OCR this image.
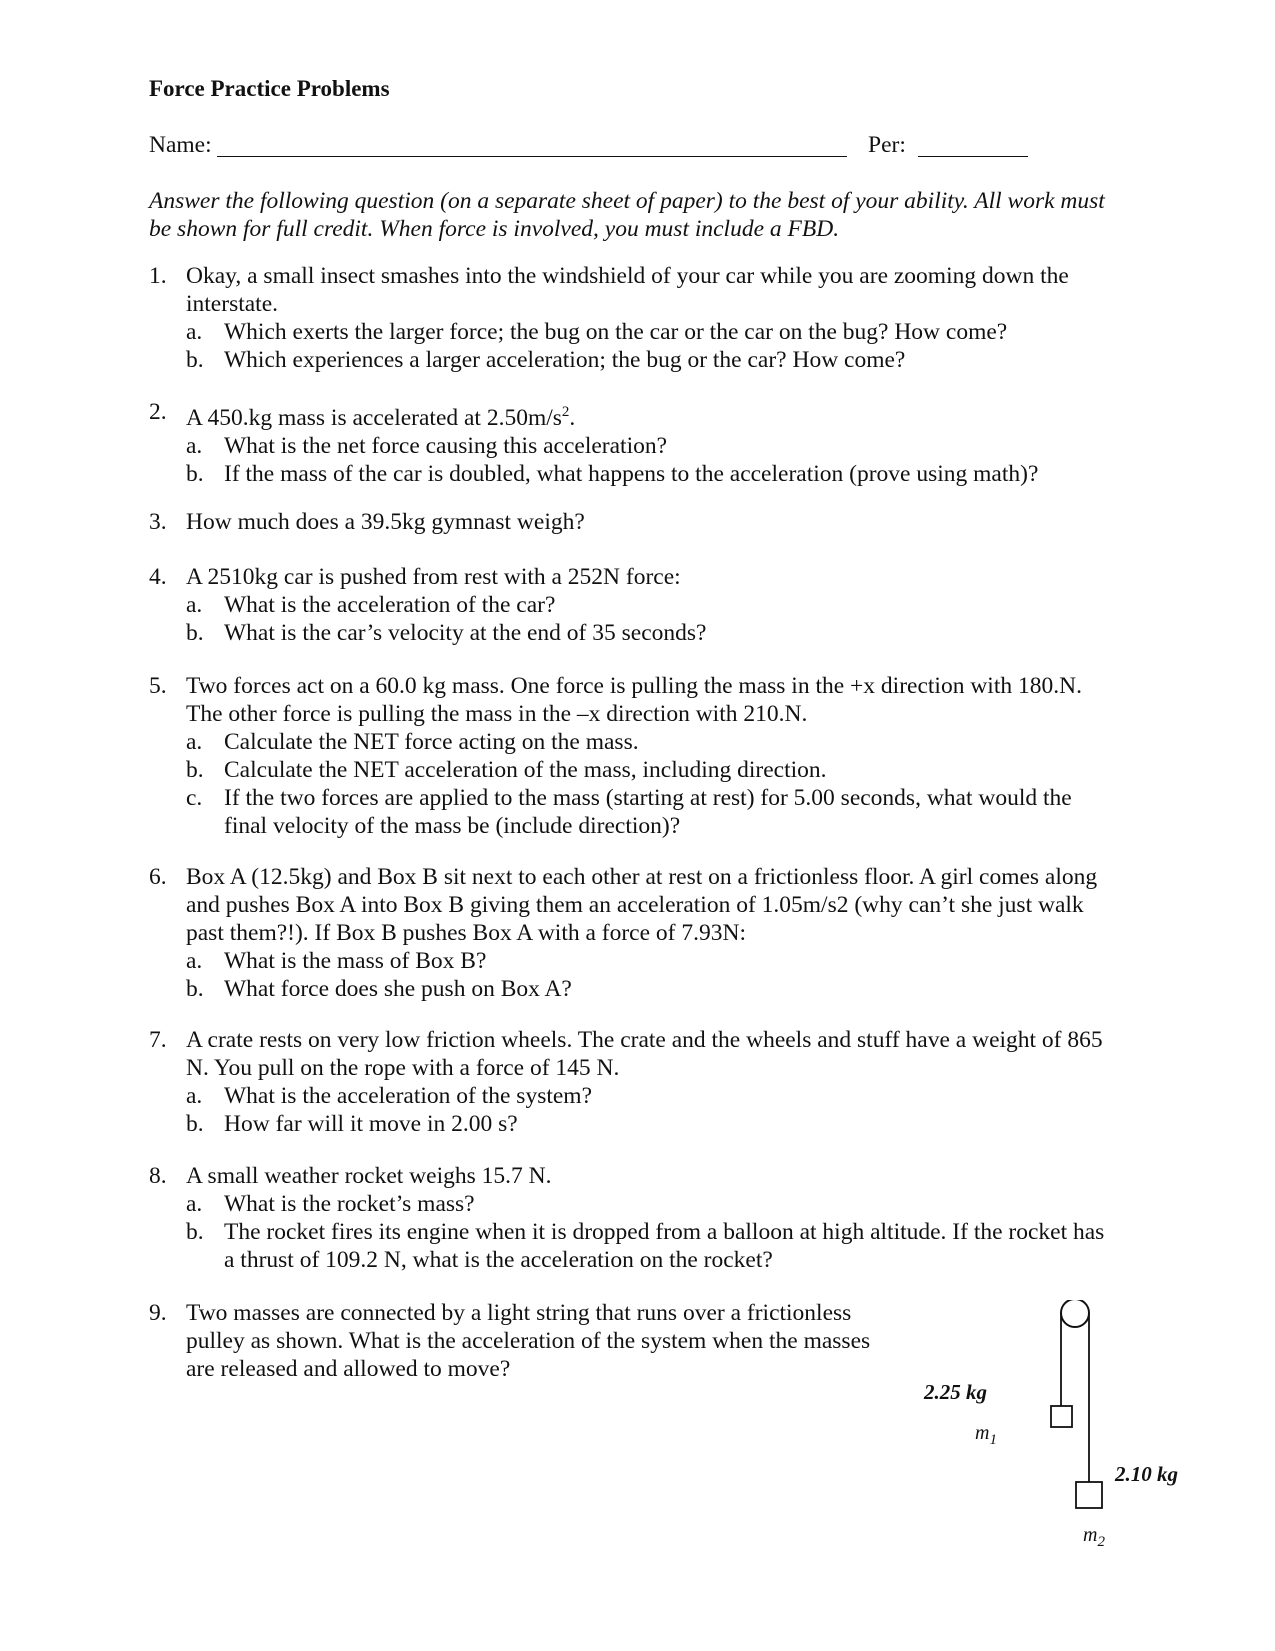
Force Practice Problems
Name:	Per:
Answer the following question (on a separate sheet of paper) to the best of your ability. All work must be shown for full credit. When force is involved, you must include a FBD.
1. Okay, a small insect smashes into the windshield of your car while you are zooming down the interstate.
a. Which exerts the larger force; the bug on the car or the car on the bug? How come?
b. Which experiences a larger acceleration; the bug or the car? How come?
2. A 450.kg mass is accelerated at $2.50m/s^2$.
a. What is the net force causing this acceleration?
b. If the mass of the car is doubled, what happens to the acceleration (prove using math)?
3. How much does a 39.5kg gymnast weigh?
4. A 2510kg car is pushed from rest with a 252N force:
a. What is the acceleration of the car?
b. What is the car’s velocity at the end of 35 seconds?
5. Two forces act on a 60.0 kg mass. One force is pulling the mass in the +x direction with 180.N. The other force is pulling the mass in the –x direction with 210.N.
a. Calculate the NET force acting on the mass.
b. Calculate the NET acceleration of the mass, including direction.
c. If the two forces are applied to the mass (starting at rest) for 5.00 seconds, what would the final velocity of the mass be (include direction)?
6. Box A (12.5kg) and Box B sit next to each other at rest on a frictionless floor. A girl comes along and pushes Box A into Box B giving them an acceleration of 1.05m/s2 (why can’t she just walk past them?!). If Box B pushes Box A with a force of 7.93N:
a. What is the mass of Box B?
b. What force does she push on Box A?
7. A crate rests on very low friction wheels. The crate and the wheels and stuff have a weight of 865 N. You pull on the rope with a force of 145 N.
a. What is the acceleration of the system?
b. How far will it move in 2.00 s?
8. A small weather rocket weighs 15.7 N.
a. What is the rocket’s mass?
b. The rocket fires its engine when it is dropped from a balloon at high altitude. If the rocket has a thrust of 109.2 N, what is the acceleration on the rocket?
9. Two masses are connected by a light string that runs over a frictionless pulley as shown. What is the acceleration of the system when the masses are released and allowed to move?
2.25 kg
$m_1$
2.10 kg
$m_2$
